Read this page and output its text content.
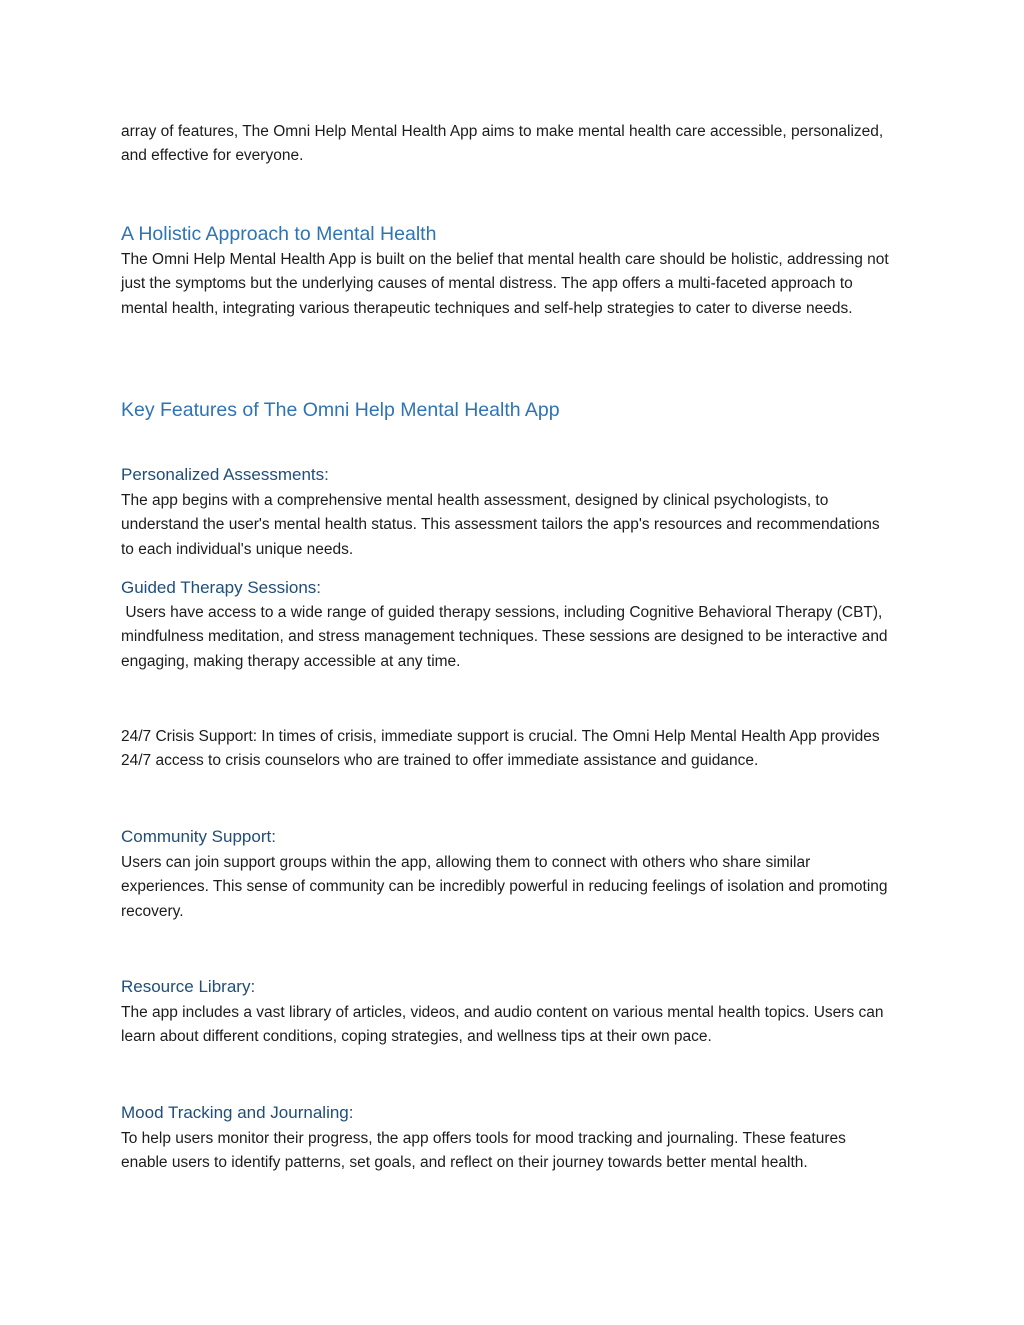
array of features, The Omni Help Mental Health App aims to make mental health care accessible, personalized, and effective for everyone.

A Holistic Approach to Mental Health

The Omni Help Mental Health App is built on the belief that mental health care should be holistic, addressing not just the symptoms but the underlying causes of mental distress. The app offers a multi-faceted approach to mental health, integrating various therapeutic techniques and self-help strategies to cater to diverse needs.

Key Features of The Omni Help Mental Health App
Personalized Assessments:

The app begins with a comprehensive mental health assessment, designed by clinical psychologists, to understand the user's mental health status. This assessment tailors the app's resources and recommendations to each individual's unique needs.

Guided Therapy Sessions:

Users have access to a wide range of guided therapy sessions, including Cognitive Behavioral Therapy (CBT), mindfulness meditation, and stress management techniques. These sessions are designed to be interactive and engaging, making therapy accessible at any time.

24/7 Crisis Support: In times of crisis, immediate support is crucial. The Omni Help Mental Health App provides 24/7 access to crisis counselors who are trained to offer immediate assistance and guidance.

Community Support:

Users can join support groups within the app, allowing them to connect with others who share similar experiences. This sense of community can be incredibly powerful in reducing feelings of isolation and promoting recovery.

Resource Library:

The app includes a vast library of articles, videos, and audio content on various mental health topics. Users can learn about different conditions, coping strategies, and wellness tips at their own pace.

Mood Tracking and Journaling:

To help users monitor their progress, the app offers tools for mood tracking and journaling. These features enable users to identify patterns, set goals, and reflect on their journey towards better mental health.
